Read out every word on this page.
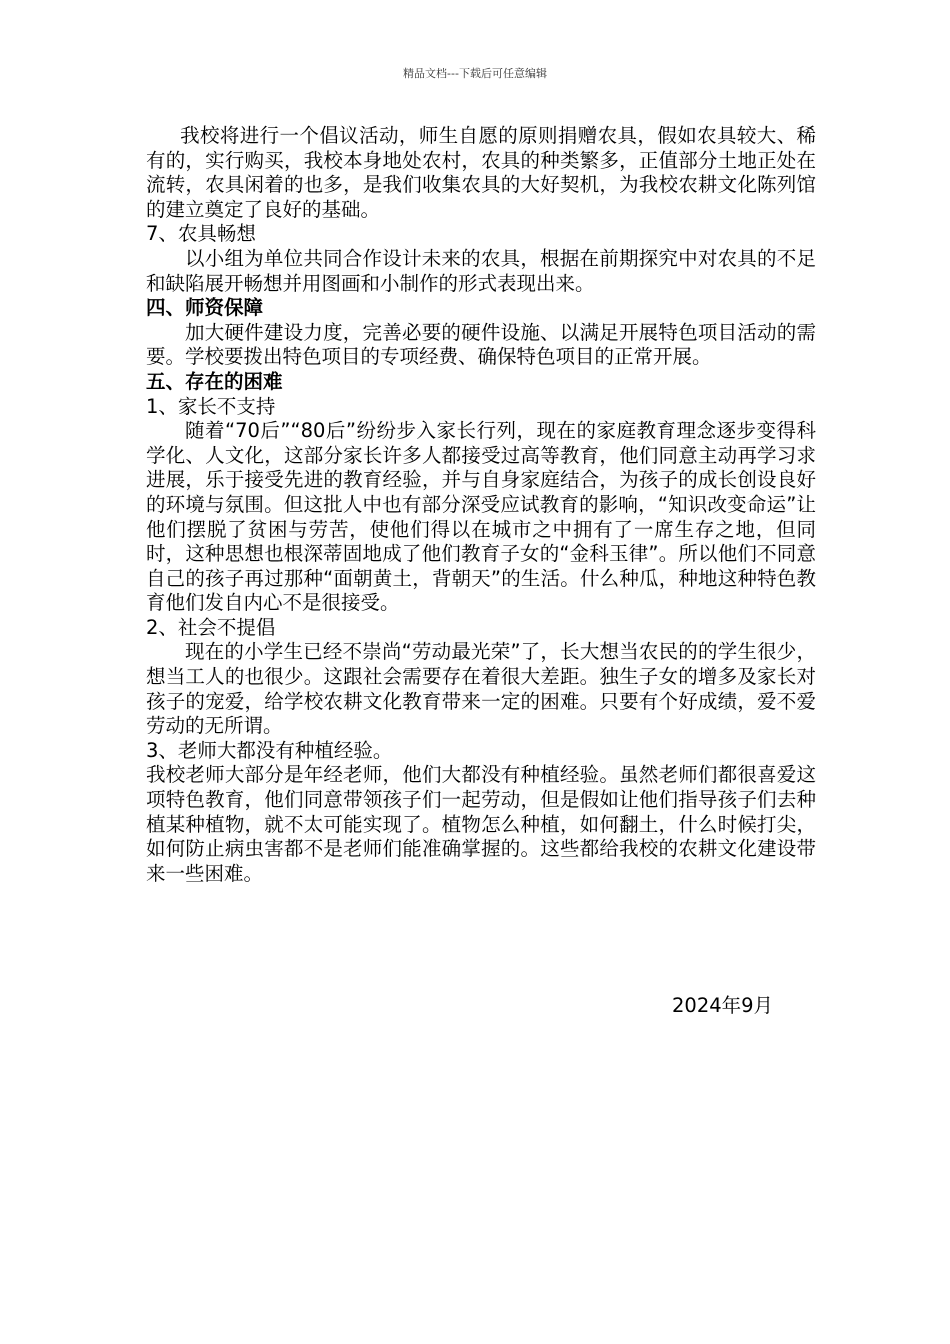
精品文档---下载后可任意编辑

我校将进行一个倡议活动，师生自愿的原则捐赠农具，假如农具较大、稀有的，实行购买，我校本身地处农村，农具的种类繁多，正值部分土地正处在流转，农具闲着的也多，是我们收集农具的大好契机，为我校农耕文化陈列馆的建立奠定了良好的基础。

7、农具畅想

以小组为单位共同合作设计未来的农具，根据在前期探究中对农具的不足和缺陷展开畅想并用图画和小制作的形式表现出来。

四、师资保障

加大硬件建设力度，完善必要的硬件设施、以满足开展特色项目活动的需要。学校要拨出特色项目的专项经费、确保特色项目的正常开展。

五、存在的困难

1、家长不支持

随着“70后”“80后”纷纷步入家长行列，现在的家庭教育理念逐步变得科学化、人文化，这部分家长许多人都接受过高等教育，他们同意主动再学习求进展，乐于接受先进的教育经验，并与自身家庭结合，为孩子的成长创设良好的环境与氛围。但这批人中也有部分深受应试教育的影响，“知识改变命运”让他们摆脱了贫困与劳苦，使他们得以在城市之中拥有了一席生存之地，但同时，这种思想也根深蒂固地成了他们教育子女的“金科玉律”。所以他们不同意自己的孩子再过那种“面朝黄土，背朝天”的生活。什么种瓜，种地这种特色教育他们发自内心不是很接受。

2、社会不提倡

现在的小学生已经不崇尚“劳动最光荣”了，长大想当农民的的学生很少，想当工人的也很少。这跟社会需要存在着很大差距。独生子女的增多及家长对孩子的宠爱，给学校农耕文化教育带来一定的困难。只要有个好成绩，爱不爱劳动的无所谓。

3、老师大都没有种植经验。

我校老师大部分是年经老师，他们大都没有种植经验。虽然老师们都很喜爱这项特色教育，他们同意带领孩子们一起劳动，但是假如让他们指导孩子们去种植某种植物，就不太可能实现了。植物怎么种植，如何翻土，什么时候打尖，如何防止病虫害都不是老师们能准确掌握的。这些都给我校的农耕文化建设带来一些困难。

2024年9月
